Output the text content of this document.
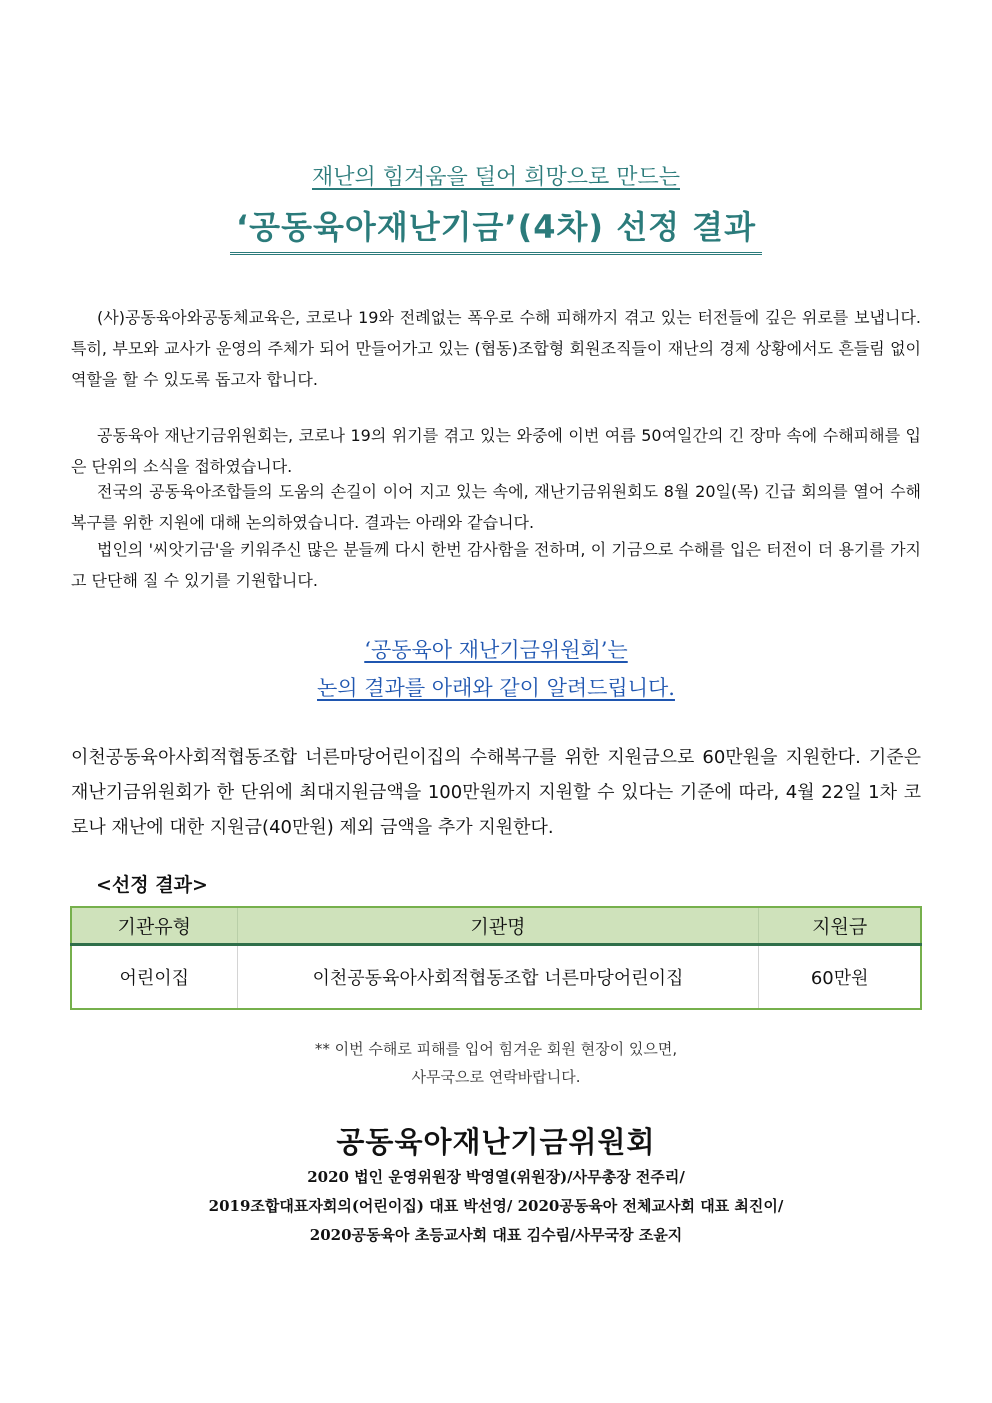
재난의 힘겨움을 덜어 희망으로 만드는
‘공동육아재난기금’(4차) 선정 결과

(사)공동육아와공동체교육은, 코로나 19와 전례없는 폭우로 수해 피해까지 겪고 있는 터전들에 깊은 위로를 보냅니다. 특히, 부모와 교사가 운영의 주체가 되어 만들어가고 있는 (협동)조합형 회원조직들이 재난의 경제 상황에서도 흔들림 없이 역할을 할 수 있도록 돕고자 합니다.

공동육아 재난기금위원회는, 코로나 19의 위기를 겪고 있는 와중에 이번 여름 50여일간의 긴 장마 속에 수해피해를 입은 단위의 소식을 접하였습니다.

전국의 공동육아조합들의 도움의 손길이 이어 지고 있는 속에, 재난기금위원회도 8월 20일(목) 긴급 회의를 열어 수해복구를 위한 지원에 대해 논의하였습니다. 결과는 아래와 같습니다.

법인의 '씨앗기금'을 키워주신 많은 분들께 다시 한번 감사함을 전하며, 이 기금으로 수해를 입은 터전이 더 용기를 가지고 단단해 질 수 있기를 기원합니다.

‘공동육아 재난기금위원회’는
논의 결과를 아래와 같이 알려드립니다.

이천공동육아사회적협동조합 너른마당어린이집의 수해복구를 위한 지원금으로 60만원을 지원한다. 기준은 재난기금위원회가 한 단위에 최대지원금액을 100만원까지 지원할 수 있다는 기준에 따라, 4월 22일 1차 코로나 재난에 대한 지원금(40만원) 제외 금액을 추가 지원한다.

<선정 결과>
기관유형	기관명	지원금
어린이집	이천공동육아사회적협동조합 너른마당어린이집	60만원
** 이번 수해로 피해를 입어 힘겨운 회원 현장이 있으면,
사무국으로 연락바랍니다.
공동육아재난기금위원회
2020 법인 운영위원장 박영열(위원장)/사무총장 전주리/
2019조합대표자회의(어린이집) 대표 박선영/ 2020공동육아 전체교사회 대표 최진이/
2020공동육아 초등교사회 대표 김수림/사무국장 조윤지
